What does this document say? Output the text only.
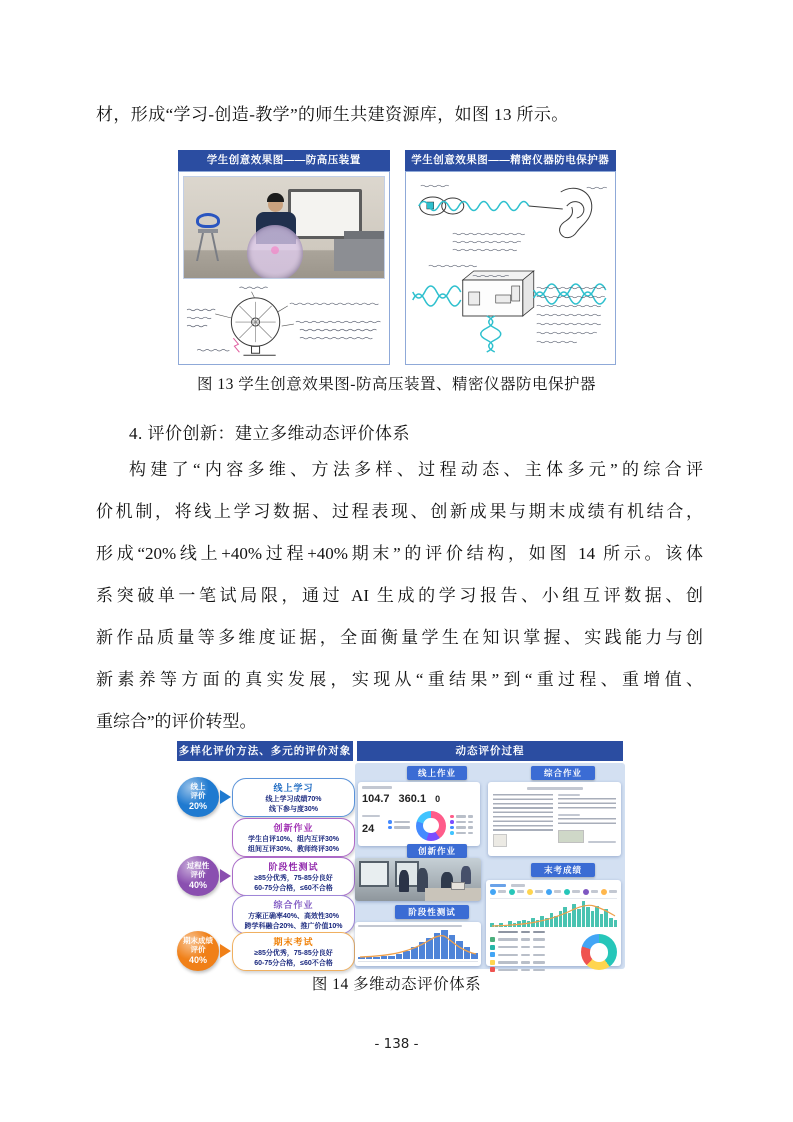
材，形成“学习-创造-教学”的师生共建资源库，如图 13 所示。

学生创意效果图——防高压装置	学生创意效果图——精密仪器防电保护器
图 13 学生创意效果图-防高压装置、精密仪器防电保护器
4. 评价创新：建立多维动态评价体系
构建了“内容多维、方法多样、过程动态、主体多元”的综合评
价机制，将线上学习数据、过程表现、创新成果与期末成绩有机结合，
形成“20%线上+40%过程+40%期末”的评价结构，如图 14 所示。该体
系突破单一笔试局限，通过 AI 生成的学习报告、小组互评数据、创
新作品质量等多维度证据，全面衡量学生在知识掌握、实践能力与创
新素养等方面的真实发展，实现从“重结果”到“重过程、重增值、
重综合”的评价转型。
多样化评价方法、多元的评价对象	动态评价过程
线上
评价
20%
线上学习
线上学习成绩70%
线下参与度30%
创新作业
学生自评10%、组内互评30%
组间互评30%、教师终评30%
过程性
评价
40%
阶段性测试
≥85分优秀，75-85分良好
60-75分合格，≤60不合格
综合作业
方案正确率40%、高效性30%
跨学科融合20%、推广价值10%
期末成绩
评价
40%
期末考试
≥85分优秀，75-85分良好
60-75分合格，≤60不合格
线上作业
104.7 360.1 0
24
综合作业
创新作业
阶段性测试
末考成绩
图 14 多维动态评价体系
- 138 -
